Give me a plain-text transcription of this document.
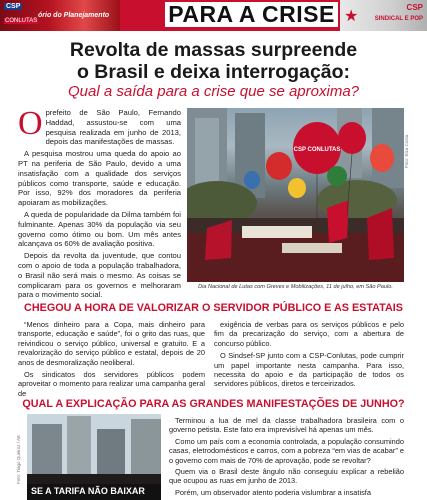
CSP
ório do Planejamento
CONLUTAS	PARA A CRISE ★
CSP
SINDICAL E POP
Revolta de massas surpreende
o Brasil e deixa interrogação:
Qual a saída para a crise que se aproxima?

Oprefeito de São Paulo, Fernando Haddad, assustou-se com uma pesquisa realizada em junho de 2013, depois das manifestações de massas.

A pesquisa mostrou uma queda do apoio ao PT na periferia de São Paulo, devido a uma insatisfação com a qualidade dos serviços públicos como transporte, saúde e educação. Por isso, 92% dos moradores da periferia apoiaram as mobilizações.

A queda de popularidade da Dilma também foi fulminante. Apenas 30% da população via seu governo como ótimo ou bom. Um mês antes alcançava os 60% de avaliação positiva.

Depois da revolta da juventude, que contou com o apoio de toda a população trabalhadora, o Brasil não será mais o mesmo. As coisas se complicaram para os governos e melhoraram para o movimento social.

CSP CONLUTAS	Foto: Elza Costa
Dia Nacional de Lutas com Greves e Mobilizações, 11 de julho, em São Paulo.
CHEGOU A HORA DE VALORIZAR O SERVIDOR PÚBLICO E AS ESTATAIS

“Menos dinheiro para a Copa, mais dinheiro para transporte, educação e saúde”, foi o grito das ruas, que reivindicou o serviço público, universal e gratuito. E a revalorização do serviço público e estatal, depois de 20 anos de desmoralização neoliberal.

Os sindicatos dos servidores públicos podem aproveitar o momento para realizar uma campanha geral de

exigência de verbas para os serviços públicos e pelo fim da precarização do serviço, com a abertura de concurso público.

O Sindsef-SP junto com a CSP-Conlutas, pode cumprir um papel importante nesta campanha. Para isso, necessita do apoio e da participação de todos os servidores públicos, diretos e terceirizados.

QUAL A EXPLICAÇÃO PARA AS GRANDES MANIFESTAÇÕES DE JUNHO?
Foto: Tiago Queiroz / AE
SE A TARIFA NÃO BAIXAR

Terminou a lua de mel da classe trabalhadora brasileira com o governo petista. Este fato era imprevisível há apenas um mês.

Como um país com a economia controlada, a população consumindo casas, eletrodomésticos e carros, com a pobreza “em vias de acabar” e o governo com mais de 70% de aprovação, pode se revoltar?

Quem via o Brasil deste ângulo não conseguiu explicar a rebelião que ocupou as ruas em junho de 2013.

Porém, um observador atento poderia vislumbrar a insatisfa
